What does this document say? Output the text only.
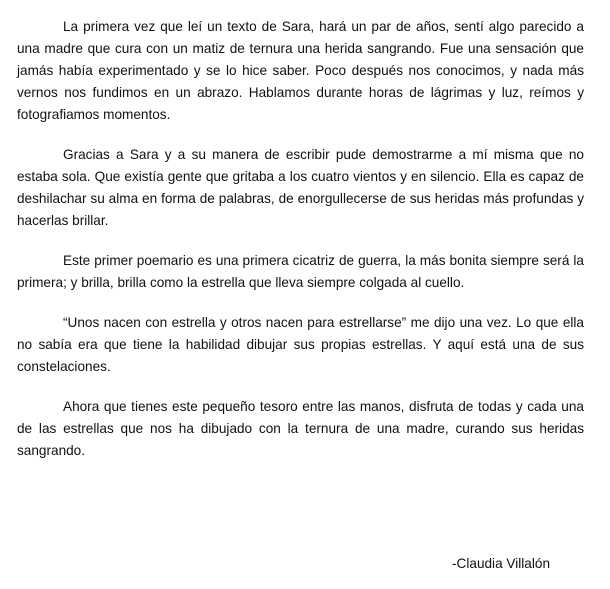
La primera vez que leí un texto de Sara, hará un par de años, sentí algo parecido a una madre que cura con un matiz de ternura una herida sangrando. Fue una sensación que jamás había experimentado y se lo hice saber. Poco después nos conocimos, y nada más vernos nos fundimos en un abrazo. Hablamos durante horas de lágrimas y luz, reímos y fotografiamos momentos.

Gracias a Sara y a su manera de escribir pude demostrarme a mí misma que no estaba sola. Que existía gente que gritaba a los cuatro vientos y en silencio. Ella es capaz de deshilachar su alma en forma de palabras, de enorgullecerse de sus heridas más profundas y hacerlas brillar.

Este primer poemario es una primera cicatriz de guerra, la más bonita siempre será la primera; y brilla, brilla como la estrella que lleva siempre colgada al cuello.

“Unos nacen con estrella y otros nacen para estrellarse” me dijo una vez. Lo que ella no sabía era que tiene la habilidad dibujar sus propias estrellas. Y aquí está una de sus constelaciones.

Ahora que tienes este pequeño tesoro entre las manos, disfruta de todas y cada una de las estrellas que nos ha dibujado con la ternura de una madre, curando sus heridas sangrando.

-Claudia Villalón
